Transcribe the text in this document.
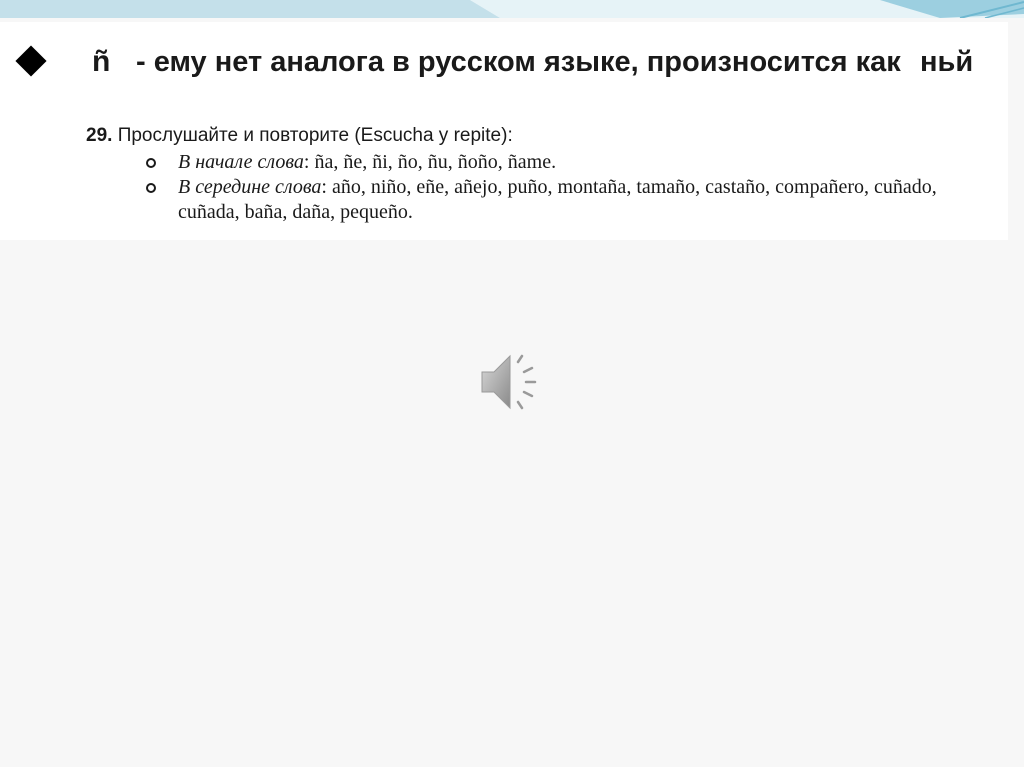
ñ - ему нет аналога в русском языке, произносится как ньй
29. Прослушайте и повторите (Escucha y repite):
В начале слова: ña, ñe, ñi, ño, ñu, ñoño, ñame.
В середине слова: año, niño, eñe, añejo, puño, montaña, tamaño, castaño, compañero, cuñado, cuñada, baña, daña, pequeño.
